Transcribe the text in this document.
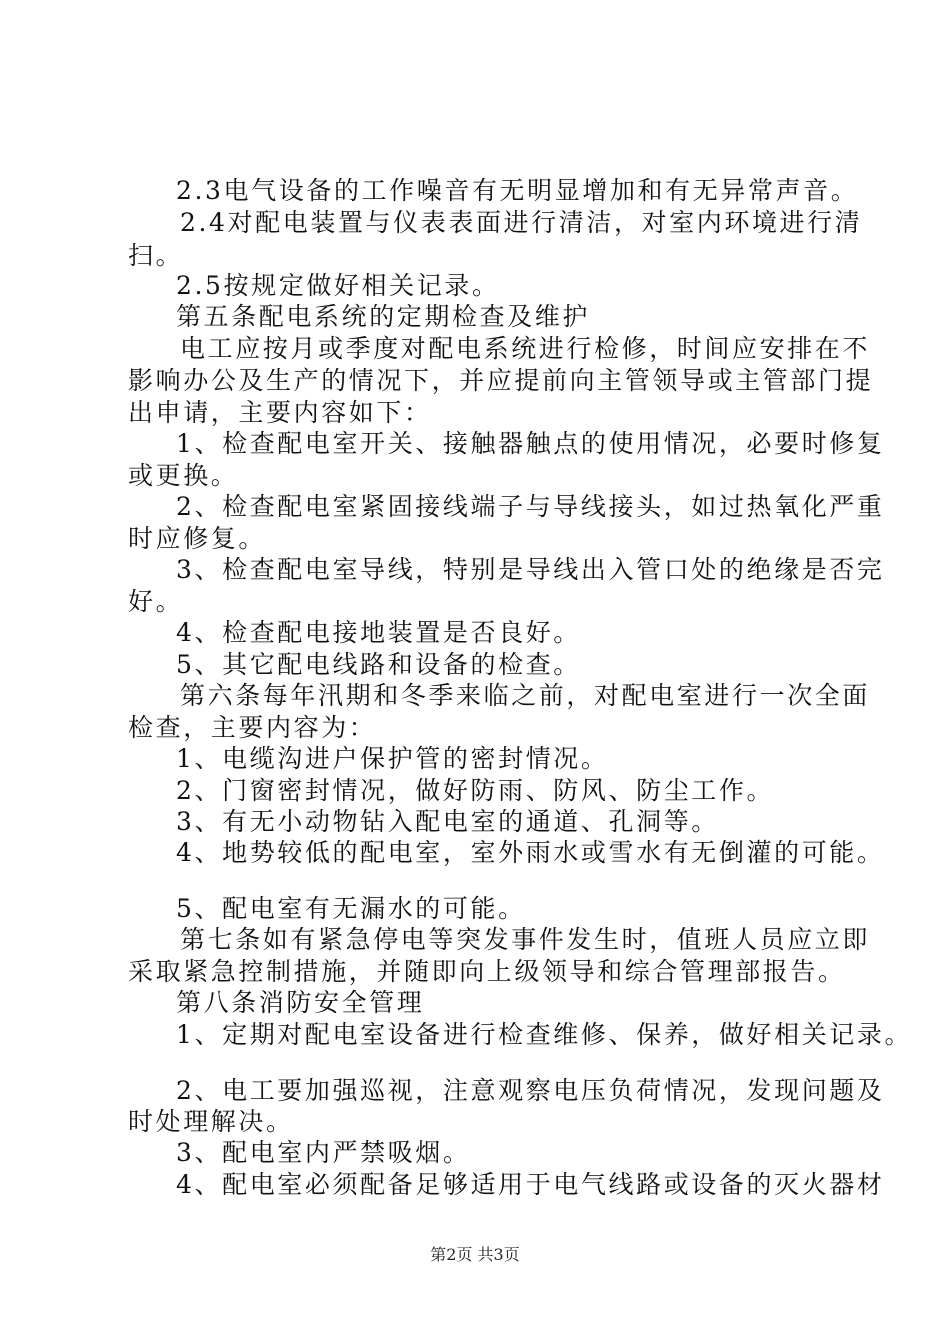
2.3电气设备的工作噪音有无明显增加和有无异常声音。
2.4对配电装置与仪表表面进行清洁，对室内环境进行清
扫。
2.5按规定做好相关记录。
第五条配电系统的定期检查及维护
电工应按月或季度对配电系统进行检修，时间应安排在不
影响办公及生产的情况下，并应提前向主管领导或主管部门提
出申请，主要内容如下：
1、检查配电室开关、接触器触点的使用情况，必要时修复
或更换。
2、检查配电室紧固接线端子与导线接头，如过热氧化严重
时应修复。
3、检查配电室导线，特别是导线出入管口处的绝缘是否完
好。
4、检查配电接地装置是否良好。
5、其它配电线路和设备的检查。
第六条每年汛期和冬季来临之前，对配电室进行一次全面
检查，主要内容为：
1、电缆沟进户保护管的密封情况。
2、门窗密封情况，做好防雨、防风、防尘工作。
3、有无小动物钻入配电室的通道、孔洞等。
4、地势较低的配电室，室外雨水或雪水有无倒灌的可能。
5、配电室有无漏水的可能。
第七条如有紧急停电等突发事件发生时，值班人员应立即
采取紧急控制措施，并随即向上级领导和综合管理部报告。
第八条消防安全管理
1、定期对配电室设备进行检查维修、保养，做好相关记录。
2、电工要加强巡视，注意观察电压负荷情况，发现问题及
时处理解决。
3、配电室内严禁吸烟。
4、配电室必须配备足够适用于电气线路或设备的灭火器材
第2页 共3页
